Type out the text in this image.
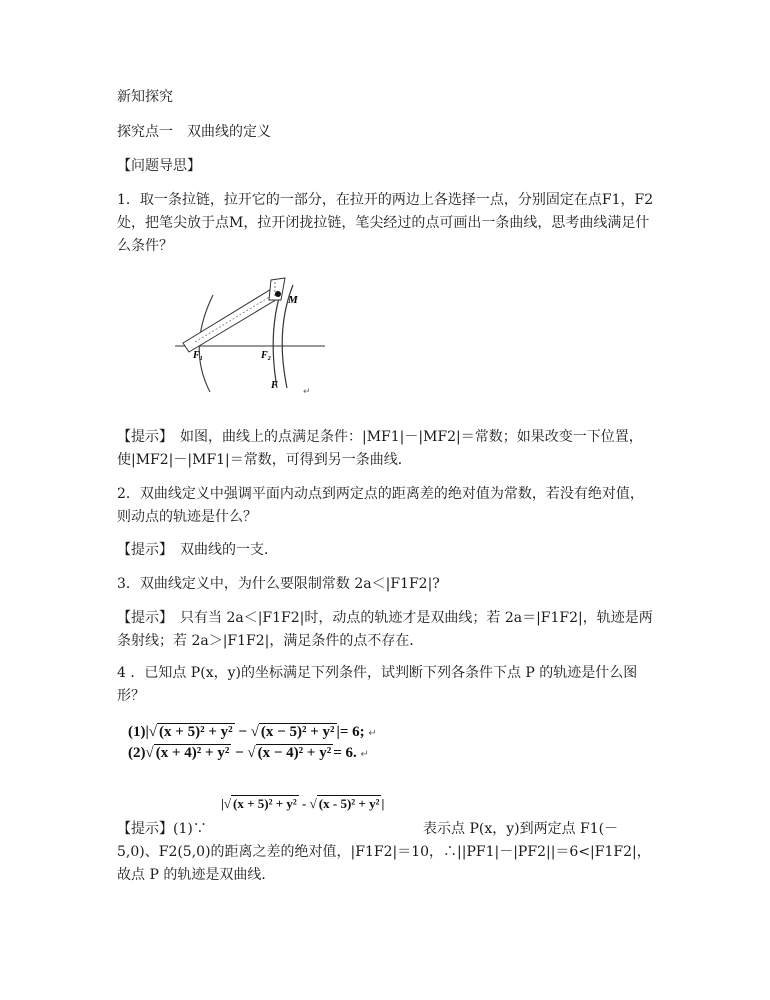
新知探究
探究点一　双曲线的定义
【问题导思】
1．取一条拉链，拉开它的一部分，在拉开的两边上各选择一点，分别固定在点F1，F2处，把笔尖放于点M，拉开闭拢拉链，笔尖经过的点可画出一条曲线，思考曲线满足什么条件？
M
F₁	F₂
F
↵
【提示】　如图，曲线上的点满足条件：|MF1|－|MF2|＝常数；如果改变一下位置，使|MF2|－|MF1|＝常数，可得到另一条曲线．
2．双曲线定义中强调平面内动点到两定点的距离差的绝对值为常数，若没有绝对值，则动点的轨迹是什么？
【提示】　双曲线的一支．
3．双曲线定义中，为什么要限制常数 2a＜|F1F2|?
【提示】　只有当 2a＜|F1F2|时，动点的轨迹才是双曲线；若 2a＝|F1F2|，轨迹是两条射线；若 2a＞|F1F2|，满足条件的点不存在．
4 ．已知点 P(x，y)的坐标满足下列条件，试判断下列各条件下点 P 的轨迹是什么图形？
(1)|√ (x + 5)² + y² − √ (x − 5)² + y² |= 6; ↵
(2)√ (x + 4)² + y² − √ (x − 4)² + y² = 6. ↵
【提示】(1)∵
|√ (x + 5)² + y² - √ (x - 5)² + y² |
表示点 P(x，y)到两定点 F1(－
5,0)、F2(5,0)的距离之差的绝对值，|F1F2|＝10，∴||PF1|－|PF2||＝6<|F1F2|，故点 P 的轨迹是双曲线．
